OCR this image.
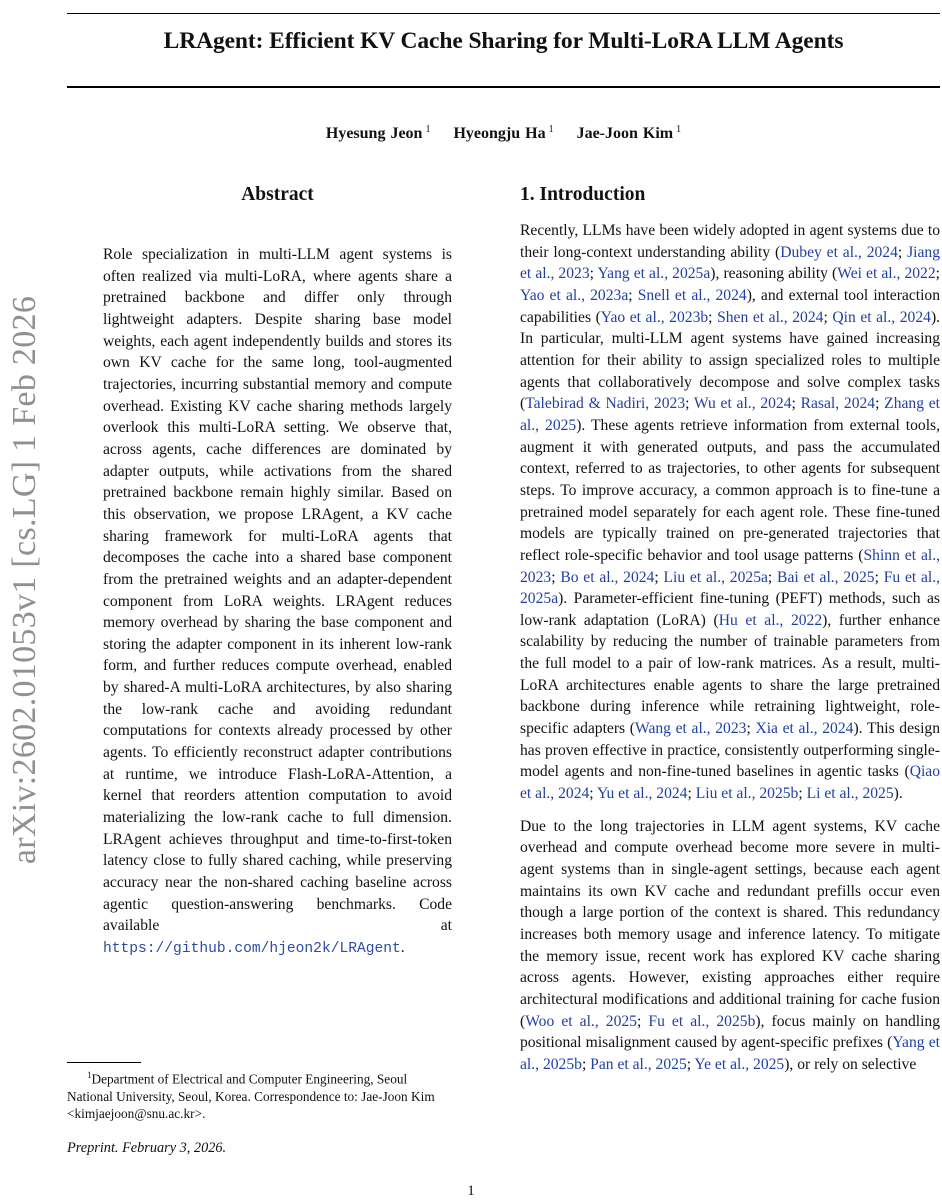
LRAgent: Efficient KV Cache Sharing for Multi-LoRA LLM Agents
Hyesung Jeon $^1$ Hyeongju Ha $^1$ Jae-Joon Kim $^1$
arXiv:2602.01053v1 [cs.LG] 1 Feb 2026
Abstract

Role specialization in multi-LLM agent systems is often realized via multi-LoRA, where agents share a pretrained backbone and differ only through lightweight adapters. Despite sharing base model weights, each agent independently builds and stores its own KV cache for the same long, tool-augmented trajectories, incurring substantial memory and compute overhead. Existing KV cache sharing methods largely overlook this multi-LoRA setting. We observe that, across agents, cache differences are dominated by adapter outputs, while activations from the shared pretrained backbone remain highly similar. Based on this observation, we propose LRAgent, a KV cache sharing framework for multi-LoRA agents that decomposes the cache into a shared base component from the pretrained weights and an adapter-dependent component from LoRA weights. LRAgent reduces memory overhead by sharing the base component and storing the adapter component in its inherent low-rank form, and further reduces compute overhead, enabled by shared-A multi-LoRA architectures, by also sharing the low-rank cache and avoiding redundant computations for contexts already processed by other agents. To efficiently reconstruct adapter contributions at runtime, we introduce Flash-LoRA-Attention, a kernel that reorders attention computation to avoid materializing the low-rank cache to full dimension. LRAgent achieves throughput and time-to-first-token latency close to fully shared caching, while preserving accuracy near the non-shared caching baseline across agentic question-answering benchmarks. Code available at https://github.com/hjeon2k/LRAgent.

1. Introduction

Recently, LLMs have been widely adopted in agent systems due to their long-context understanding ability (Dubey et al., 2024; Jiang et al., 2023; Yang et al., 2025a), reasoning ability (Wei et al., 2022; Yao et al., 2023a; Snell et al., 2024), and external tool interaction capabilities (Yao et al., 2023b; Shen et al., 2024; Qin et al., 2024). In particular, multi-LLM agent systems have gained increasing attention for their ability to assign specialized roles to multiple agents that collaboratively decompose and solve complex tasks (Talebirad & Nadiri, 2023; Wu et al., 2024; Rasal, 2024; Zhang et al., 2025). These agents retrieve information from external tools, augment it with generated outputs, and pass the accumulated context, referred to as trajectories, to other agents for subsequent steps. To improve accuracy, a common approach is to fine-tune a pretrained model separately for each agent role. These fine-tuned models are typically trained on pre-generated trajectories that reflect role-specific behavior and tool usage patterns (Shinn et al., 2023; Bo et al., 2024; Liu et al., 2025a; Bai et al., 2025; Fu et al., 2025a). Parameter-efficient fine-tuning (PEFT) methods, such as low-rank adaptation (LoRA) (Hu et al., 2022), further enhance scalability by reducing the number of trainable parameters from the full model to a pair of low-rank matrices. As a result, multi-LoRA architectures enable agents to share the large pretrained backbone during inference while retraining lightweight, role-specific adapters (Wang et al., 2023; Xia et al., 2024). This design has proven effective in practice, consistently outperforming single-model agents and non-fine-tuned baselines in agentic tasks (Qiao et al., 2024; Yu et al., 2024; Liu et al., 2025b; Li et al., 2025).

Due to the long trajectories in LLM agent systems, KV cache overhead and compute overhead become more severe in multi-agent systems than in single-agent settings, because each agent maintains its own KV cache and redundant prefills occur even though a large portion of the context is shared. This redundancy increases both memory usage and inference latency. To mitigate the memory issue, recent work has explored KV cache sharing across agents. However, existing approaches either require architectural modifications and additional training for cache fusion (Woo et al., 2025; Fu et al., 2025b), focus mainly on handling positional misalignment caused by agent-specific prefixes (Yang et al., 2025b; Pan et al., 2025; Ye et al., 2025), or rely on selective

$^1$Department of Electrical and Computer Engineering, Seoul National University, Seoul, Korea. Correspondence to: Jae-Joon Kim <kimjaejoon@snu.ac.kr>.
Preprint. February 3, 2026.
1
